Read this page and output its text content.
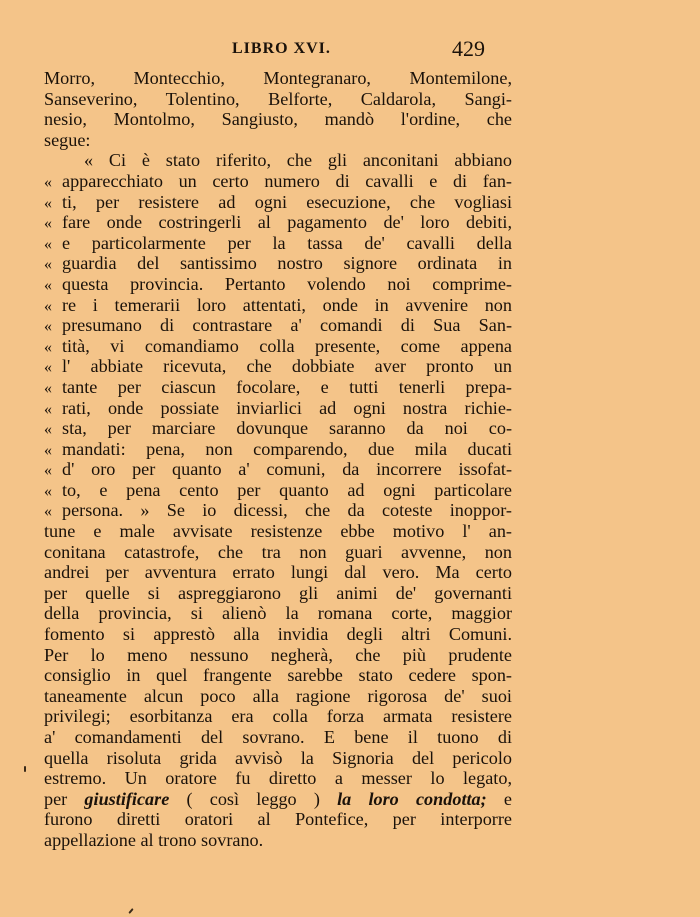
LIBRO XVI.	429
Morro, Montecchio, Montegranaro, Montemilone,
Sanseverino, Tolentino, Belforte, Caldarola, Sangi-
nesio, Montolmo, Sangiusto, mandò l'ordine, che
segue:
« Ci è stato riferito, che gli anconitani abbiano
« apparecchiato un certo numero di cavalli e di fan-
« ti, per resistere ad ogni esecuzione, che vogliasi
« fare onde costringerli al pagamento de' loro debiti,
« e particolarmente per la tassa de' cavalli della
« guardia del santissimo nostro signore ordinata in
« questa provincia. Pertanto volendo noi comprime-
« re i temerarii loro attentati, onde in avvenire non
« presumano di contrastare a' comandi di Sua San-
« tità, vi comandiamo colla presente, come appena
« l' abbiate ricevuta, che dobbiate aver pronto un
« tante per ciascun focolare, e tutti tenerli prepa-
« rati, onde possiate inviarlici ad ogni nostra richie-
« sta, per marciare dovunque saranno da noi co-
« mandati: pena, non comparendo, due mila ducati
« d' oro per quanto a' comuni, da incorrere issofat-
« to, e pena cento per quanto ad ogni particolare
« persona. » Se io dicessi, che da coteste inoppor-
tune e male avvisate resistenze ebbe motivo l' an-
conitana catastrofe, che tra non guari avvenne, non
andrei per avventura errato lungi dal vero. Ma certo
per quelle si aspreggiarono gli animi de' governanti
della provincia, si alienò la romana corte, maggior
fomento si apprestò alla invidia degli altri Comuni.
Per lo meno nessuno negherà, che più prudente
consiglio in quel frangente sarebbe stato cedere spon-
taneamente alcun poco alla ragione rigorosa de' suoi
privilegi; esorbitanza era colla forza armata resistere
a' comandamenti del sovrano. E bene il tuono di
quella risoluta grida avvisò la Signoria del pericolo
estremo. Un oratore fu diretto a messer lo legato,
per giustificare ( così leggo ) la loro condotta; e
furono diretti oratori al Pontefice, per interporre
appellazione al trono sovrano.
